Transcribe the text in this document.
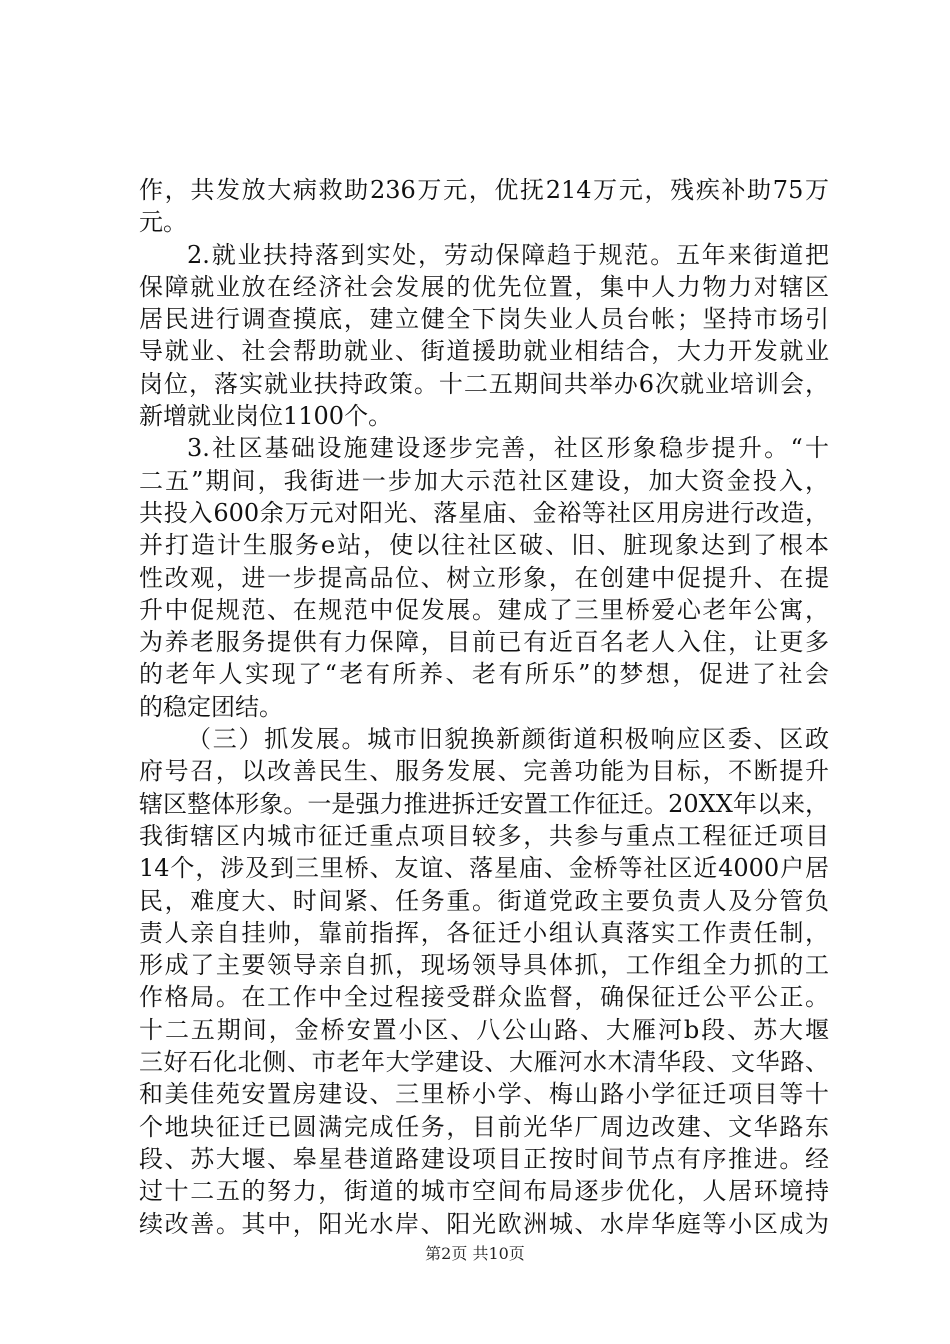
作，共发放大病救助236万元，优抚214万元，残疾补助75万
元。
2.就业扶持落到实处，劳动保障趋于规范。五年来街道把
保障就业放在经济社会发展的优先位置，集中人力物力对辖区
居民进行调查摸底，建立健全下岗失业人员台帐；坚持市场引
导就业、社会帮助就业、街道援助就业相结合，大力开发就业
岗位，落实就业扶持政策。十二五期间共举办6次就业培训会，
新增就业岗位1100个。
3.社区基础设施建设逐步完善，社区形象稳步提升。“十
二五”期间，我街进一步加大示范社区建设，加大资金投入，
共投入600余万元对阳光、落星庙、金裕等社区用房进行改造，
并打造计生服务e站，使以往社区破、旧、脏现象达到了根本
性改观，进一步提高品位、树立形象，在创建中促提升、在提
升中促规范、在规范中促发展。建成了三里桥爱心老年公寓，
为养老服务提供有力保障，目前已有近百名老人入住，让更多
的老年人实现了“老有所养、老有所乐”的梦想，促进了社会
的稳定团结。
（三）抓发展。城市旧貌换新颜街道积极响应区委、区政
府号召，以改善民生、服务发展、完善功能为目标，不断提升
辖区整体形象。一是强力推进拆迁安置工作征迁。20XX年以来，
我街辖区内城市征迁重点项目较多，共参与重点工程征迁项目
14个，涉及到三里桥、友谊、落星庙、金桥等社区近4000户居
民，难度大、时间紧、任务重。街道党政主要负责人及分管负
责人亲自挂帅，靠前指挥，各征迁小组认真落实工作责任制，
形成了主要领导亲自抓，现场领导具体抓，工作组全力抓的工
作格局。在工作中全过程接受群众监督，确保征迁公平公正。
十二五期间，金桥安置小区、八公山路、大雁河b段、苏大堰
三好石化北侧、市老年大学建设、大雁河水木清华段、文华路、
和美佳苑安置房建设、三里桥小学、梅山路小学征迁项目等十
个地块征迁已圆满完成任务，目前光华厂周边改建、文华路东
段、苏大堰、皋星巷道路建设项目正按时间节点有序推进。经
过十二五的努力，街道的城市空间布局逐步优化，人居环境持
续改善。其中，阳光水岸、阳光欧洲城、水岸华庭等小区成为
第2页 共10页
